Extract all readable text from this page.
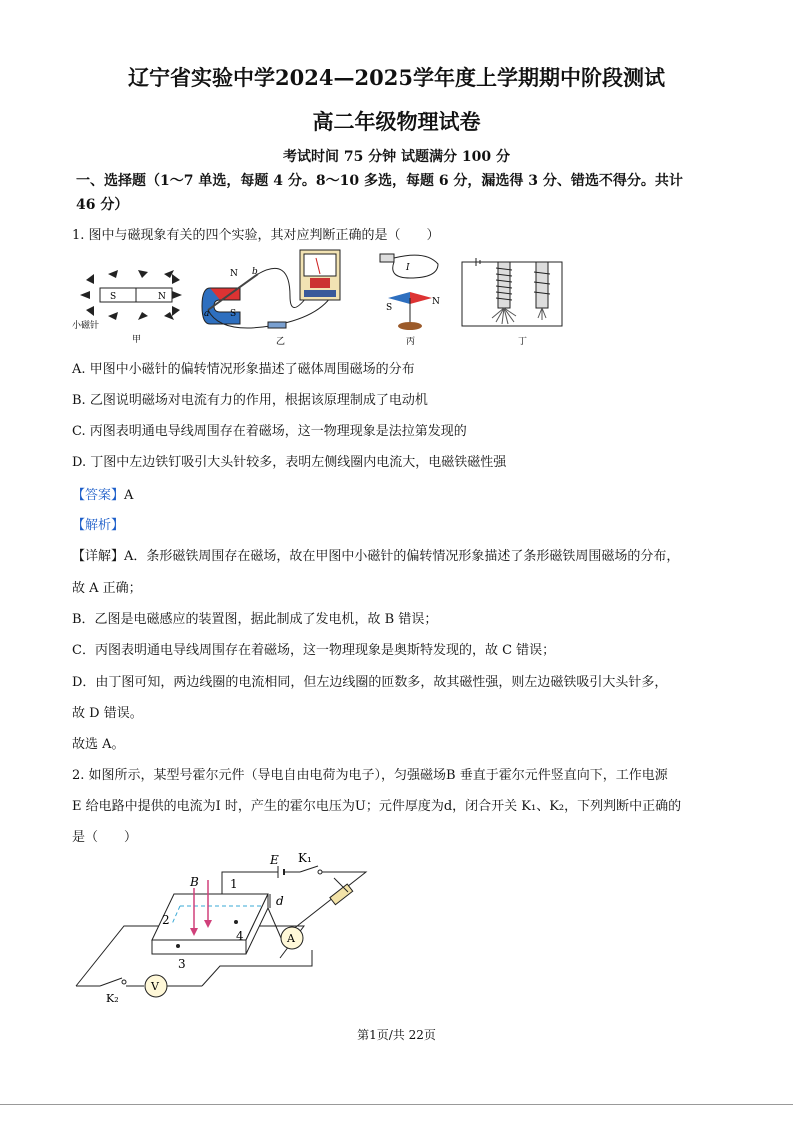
辽宁省实验中学2024—2025学年度上学期期中阶段测试
高二年级物理试卷
考试时间 75 分钟 试题满分 100 分
一、选择题（1～7 单选，每题 4 分。8～10 多选，每题 6 分，漏选得 3 分、错选不得分。共计
46 分）
1. 图中与磁现象有关的四个实验，其对应判断正确的是（　　）
S	N
小磁针
甲
N
S
a
b
乙
I
S
N
丙	丁
A. 甲图中小磁针的偏转情况形象描述了磁体周围磁场的分布
B. 乙图说明磁场对电流有力的作用，根据该原理制成了电动机
C. 丙图表明通电导线周围存在着磁场，这一物理现象是法拉第发现的
D. 丁图中左边铁钉吸引大头针较多，表明左侧线圈内电流大，电磁铁磁性强
【答案】A
【解析】
【详解】A．条形磁铁周围存在磁场，故在甲图中小磁针的偏转情况形象描述了条形磁铁周围磁场的分布，
故 A 正确；
B．乙图是电磁感应的装置图，据此制成了发电机，故 B 错误；
C．丙图表明通电导线周围存在着磁场，这一物理现象是奥斯特发现的，故 C 错误；
D．由丁图可知，两边线圈的电流相同，但左边线圈的匝数多，故其磁性强，则左边磁铁吸引大头针多，
故 D 错误。
故选 A。
2. 如图所示，某型号霍尔元件（导电自由电荷为电子），匀强磁场B 垂直于霍尔元件竖直向下，工作电源
E 给电路中提供的电流为I 时，产生的霍尔电压为U；元件厚度为d，闭合开关 K₁、K₂，下列判断中正确的
是（　　）
V
K₂
B	1
2
3
4
d
E K₁
A
第1页/共 22页
